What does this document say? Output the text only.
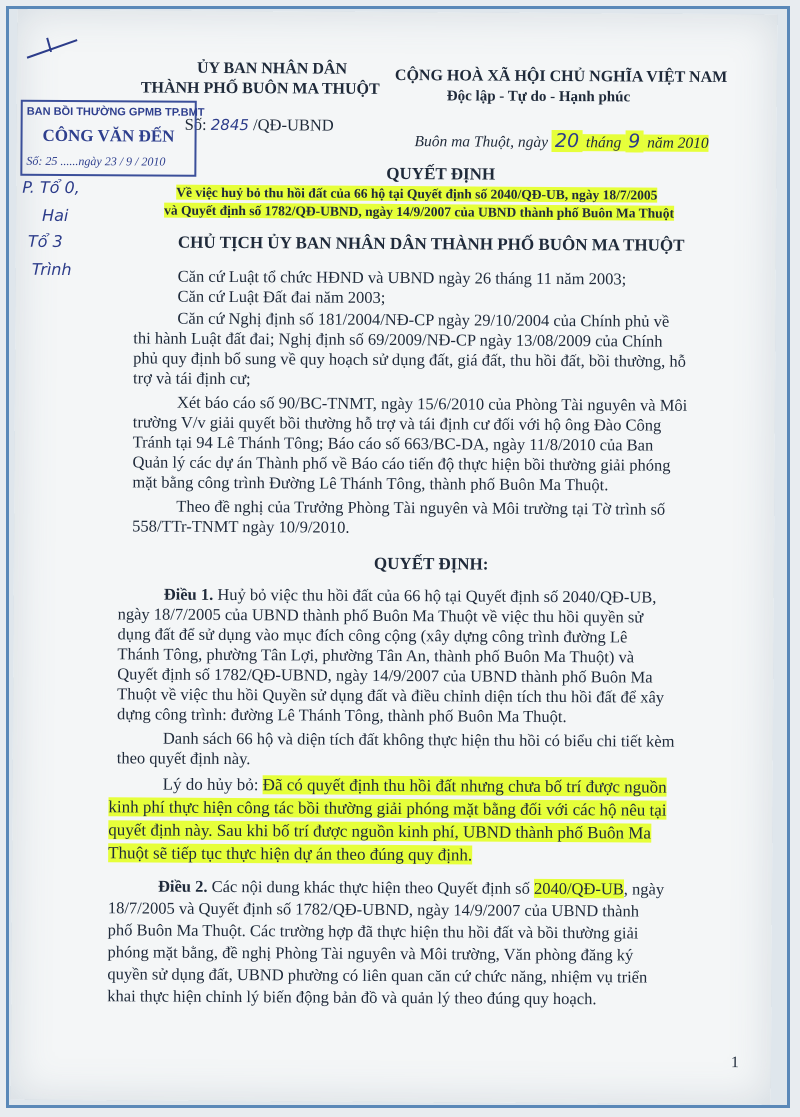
ỦY BAN NHÂN DÂN
THÀNH PHỐ BUÔN MA THUỘT
Số: 2845 /QĐ-UBND
CỘNG HOÀ XÃ HỘI CHỦ NGHĨA VIỆT NAM
Độc lập - Tự do - Hạnh phúc
Buôn ma Thuột, ngày 20 tháng 9 năm 2010
BAN BỒI THƯỜNG GPMB TP.BMT
CÔNG VĂN ĐẾN
Số: 25 ......ngày 23 / 9 / 2010
P. Tổ 0,
Hai
Tổ 3
Trình
QUYẾT ĐỊNH
Về việc huỷ bỏ thu hồi đất của 66 hộ tại Quyết định số 2040/QĐ-UB, ngày 18/7/2005
và Quyết định số 1782/QĐ-UBND, ngày 14/9/2007 của UBND thành phố Buôn Ma Thuột
CHỦ TỊCH ỦY BAN NHÂN DÂN THÀNH PHỐ BUÔN MA THUỘT
Căn cứ Luật tổ chức HĐND và UBND ngày 26 tháng 11 năm 2003;
Căn cứ Luật Đất đai năm 2003;
Căn cứ Nghị định số 181/2004/NĐ-CP ngày 29/10/2004 của Chính phủ về
thi hành Luật đất đai; Nghị định số 69/2009/NĐ-CP ngày 13/08/2009 của Chính
phủ quy định bổ sung về quy hoạch sử dụng đất, giá đất, thu hồi đất, bồi thường, hỗ
trợ và tái định cư;
Xét báo cáo số 90/BC-TNMT, ngày 15/6/2010 của Phòng Tài nguyên và Môi
trường V/v giải quyết bồi thường hỗ trợ và tái định cư đối với hộ ông Đào Công
Tránh tại 94 Lê Thánh Tông; Báo cáo số 663/BC-DA, ngày 11/8/2010 của Ban
Quản lý các dự án Thành phố về Báo cáo tiến độ thực hiện bồi thường giải phóng
mặt bằng công trình Đường Lê Thánh Tông, thành phố Buôn Ma Thuột.
Theo đề nghị của Trưởng Phòng Tài nguyên và Môi trường tại Tờ trình số
558/TTr-TNMT ngày 10/9/2010.
QUYẾT ĐỊNH:
Điều 1. Huỷ bỏ việc thu hồi đất của 66 hộ tại Quyết định số 2040/QĐ-UB,
ngày 18/7/2005 của UBND thành phố Buôn Ma Thuột về việc thu hồi quyền sử
dụng đất để sử dụng vào mục đích công cộng (xây dựng công trình đường Lê
Thánh Tông, phường Tân Lợi, phường Tân An, thành phố Buôn Ma Thuột) và
Quyết định số 1782/QĐ-UBND, ngày 14/9/2007 của UBND thành phố Buôn Ma
Thuột về việc thu hồi Quyền sử dụng đất và điều chỉnh diện tích thu hồi đất để xây
dựng công trình: đường Lê Thánh Tông, thành phố Buôn Ma Thuột.
Danh sách 66 hộ và diện tích đất không thực hiện thu hồi có biểu chi tiết kèm
theo quyết định này.
Lý do hủy bỏ: Đã có quyết định thu hồi đất nhưng chưa bố trí được nguồn
kinh phí thực hiện công tác bồi thường giải phóng mặt bằng đối với các hộ nêu tại
quyết định này. Sau khi bố trí được nguồn kinh phí, UBND thành phố Buôn Ma
Thuột sẽ tiếp tục thực hiện dự án theo đúng quy định.
Điều 2. Các nội dung khác thực hiện theo Quyết định số 2040/QĐ-UB, ngày
18/7/2005 và Quyết định số 1782/QĐ-UBND, ngày 14/9/2007 của UBND thành
phố Buôn Ma Thuột. Các trường hợp đã thực hiện thu hồi đất và bồi thường giải
phóng mặt bằng, đề nghị Phòng Tài nguyên và Môi trường, Văn phòng đăng ký
quyền sử dụng đất, UBND phường có liên quan căn cứ chức năng, nhiệm vụ triển
khai thực hiện chỉnh lý biến động bản đồ và quản lý theo đúng quy hoạch.
1
